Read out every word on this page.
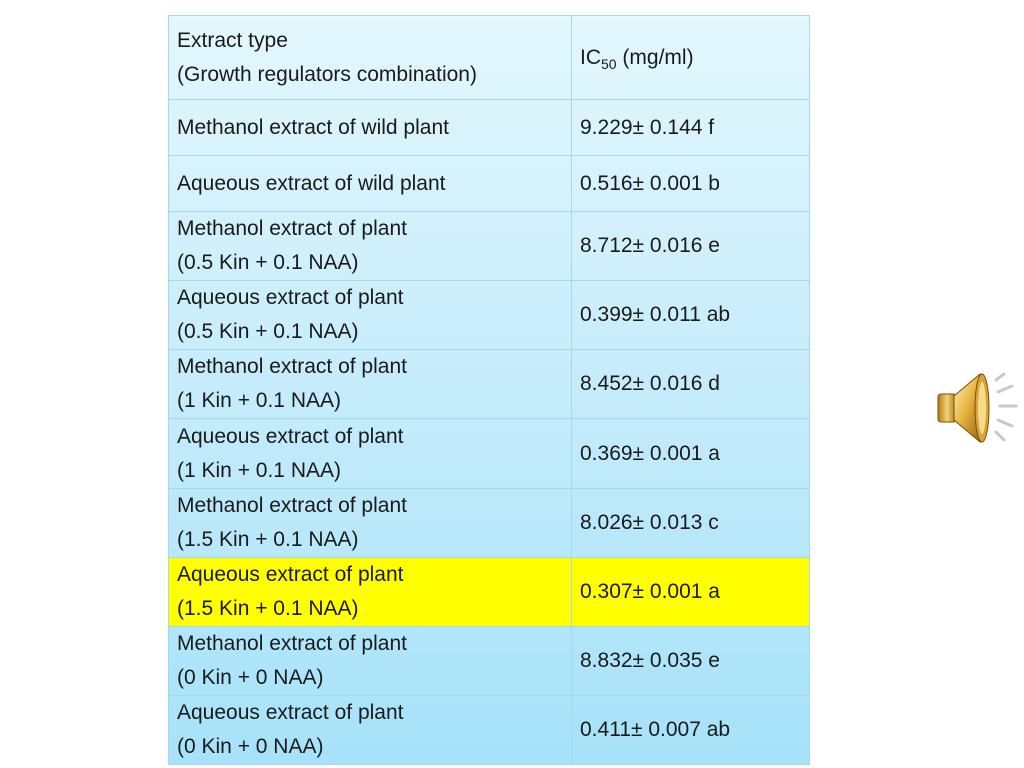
Extract type
(Growth regulators combination)	$IC_{50}$ (mg/ml)

Methanol extract of wild plant	9.229± 0.144 f

Aqueous extract of wild plant	0.516± 0.001 b

Methanol extract of plant
(0.5 Kin + 0.1 NAA)	8.712± 0.016 e

Aqueous extract of plant
(0.5 Kin + 0.1 NAA)	0.399± 0.011 ab

Methanol extract of plant
(1 Kin + 0.1 NAA)	8.452± 0.016 d

Aqueous extract of plant
(1 Kin + 0.1 NAA)	0.369± 0.001 a

Methanol extract of plant
(1.5 Kin + 0.1 NAA)	8.026± 0.013 c

Aqueous extract of plant
(1.5 Kin + 0.1 NAA)	0.307± 0.001 a

Methanol extract of plant
(0 Kin + 0 NAA)	8.832± 0.035 e

Aqueous extract of plant
(0 Kin + 0 NAA)	0.411± 0.007 ab
